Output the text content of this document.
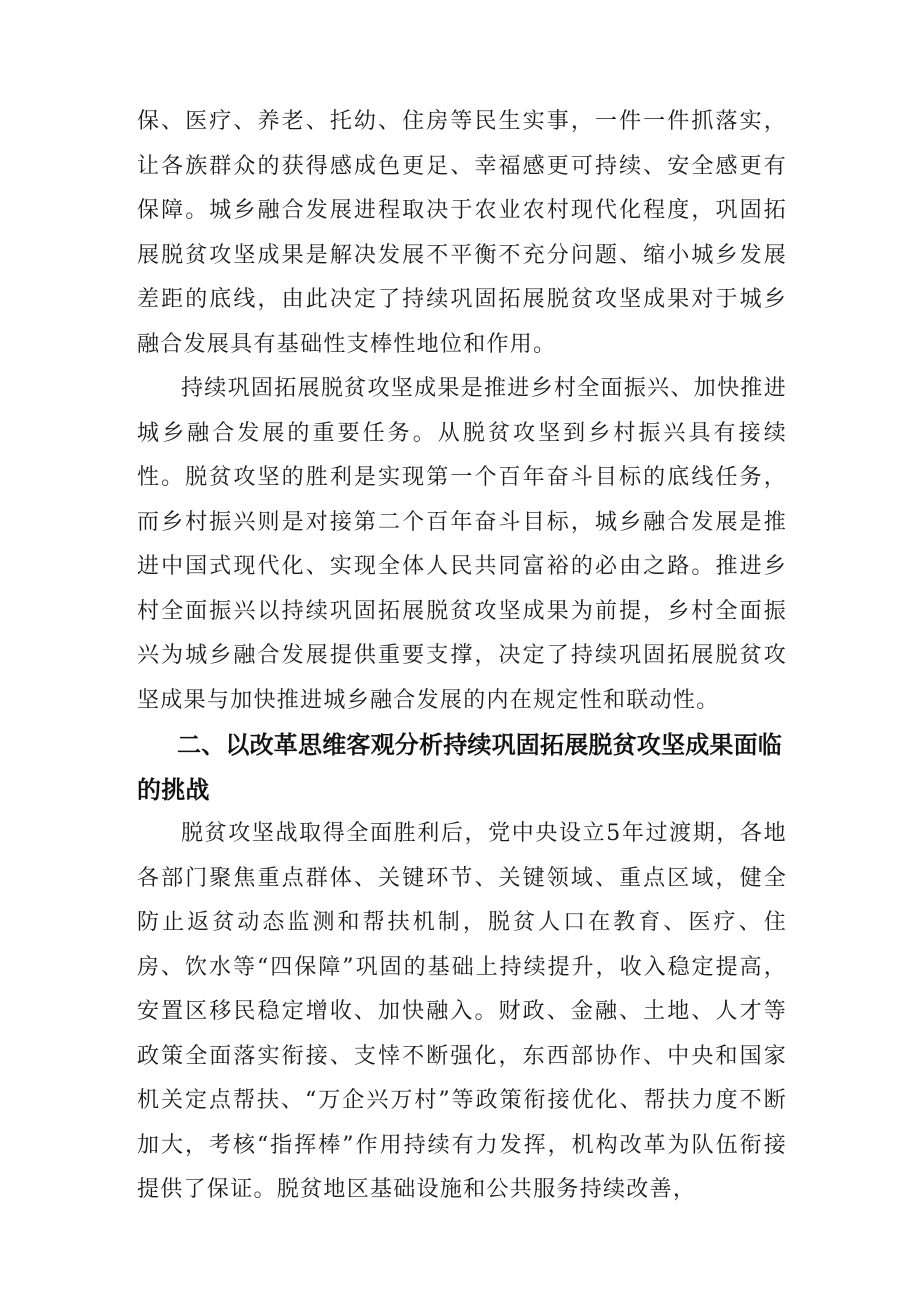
保、医疗、养老、托幼、住房等民生实事，一件一件抓落实，让各族群众的获得感成色更足、幸福感更可持续、安全感更有保障。城乡融合发展进程取决于农业农村现代化程度，巩固拓展脱贫攻坚成果是解决发展不平衡不充分问题、缩小城乡发展差距的底线，由此决定了持续巩固拓展脱贫攻坚成果对于城乡融合发展具有基础性支棒性地位和作用。

持续巩固拓展脱贫攻坚成果是推进乡村全面振兴、加快推进城乡融合发展的重要任务。从脱贫攻坚到乡村振兴具有接续性。脱贫攻坚的胜利是实现第一个百年奋斗目标的底线任务，而乡村振兴则是对接第二个百年奋斗目标，城乡融合发展是推进中国式现代化、实现全体人民共同富裕的必由之路。推进乡村全面振兴以持续巩固拓展脱贫攻坚成果为前提，乡村全面振兴为城乡融合发展提供重要支撑，决定了持续巩固拓展脱贫攻坚成果与加快推进城乡融合发展的内在规定性和联动性。

二、以改革思维客观分析持续巩固拓展脱贫攻坚成果面临的挑战

脱贫攻坚战取得全面胜利后，党中央设立5年过渡期，各地各部门聚焦重点群体、关键环节、关键领域、重点区域，健全防止返贫动态监测和帮扶机制，脱贫人口在教育、医疗、住房、饮水等“四保障”巩固的基础上持续提升，收入稳定提高，安置区移民稳定增收、加快融入。财政、金融、土地、人才等政策全面落实衔接、支悻不断强化，东西部协作、中央和国家机关定点帮扶、“万企兴万村”等政策衔接优化、帮扶力度不断加大，考核“指挥棒”作用持续有力发挥，机构改革为队伍衔接提供了保证。脱贫地区基础设施和公共服务持续改善，
